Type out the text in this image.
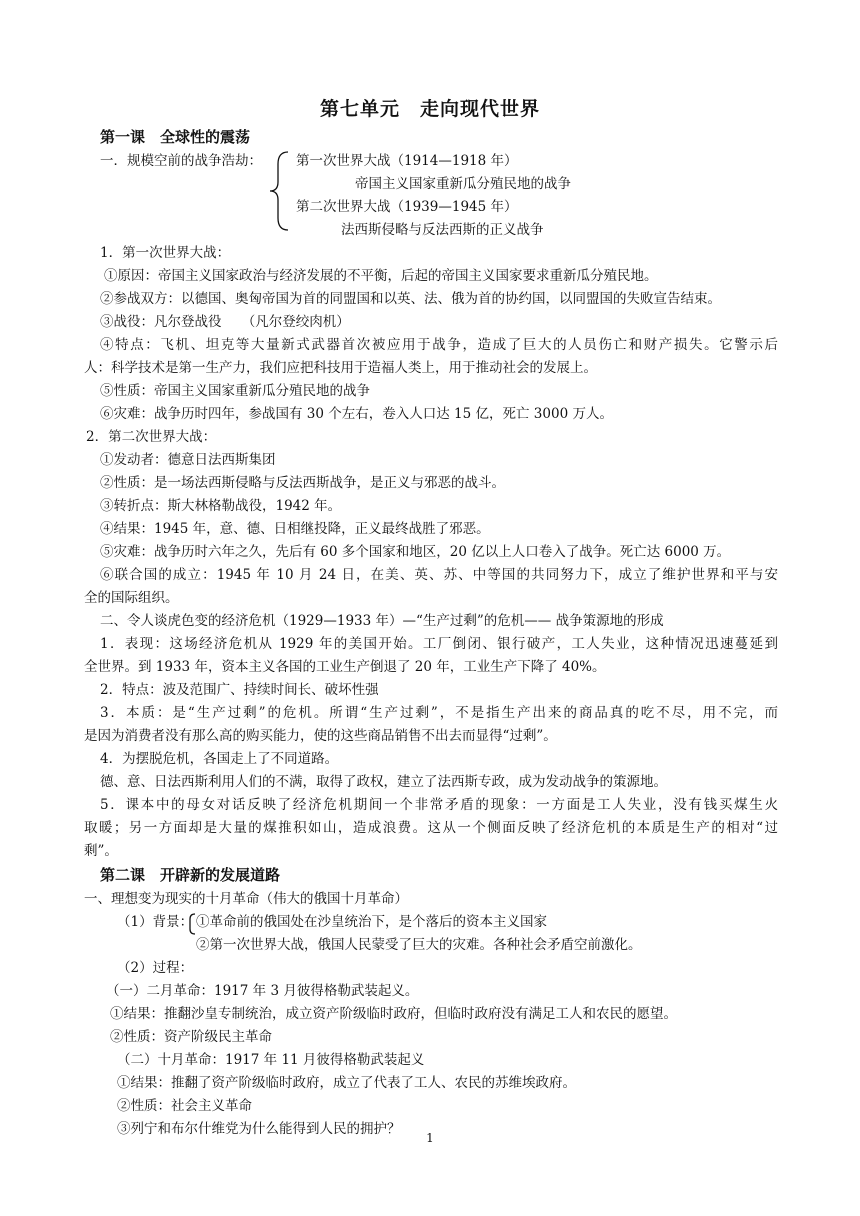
第七单元　走向现代世界
第一课　全球性的震荡
一．规模空前的战争浩劫：	第一次世界大战（1914—1918 年）
帝国主义国家重新瓜分殖民地的战争
第二次世界大战（1939—1945 年）
法西斯侵略与反法西斯的正义战争
1．第一次世界大战：
①原因：帝国主义国家政治与经济发展的不平衡，后起的帝国主义国家要求重新瓜分殖民地。
②参战双方：以德国、奥匈帝国为首的同盟国和以英、法、俄为首的协约国，以同盟国的失败宣告结束。
③战役：凡尔登战役　　（凡尔登绞肉机）
④特点：飞机、坦克等大量新式武器首次被应用于战争，造成了巨大的人员伤亡和财产损失。它警示后
人：科学技术是第一生产力，我们应把科技用于造福人类上，用于推动社会的发展上。
⑤性质：帝国主义国家重新瓜分殖民地的战争
⑥灾难：战争历时四年，参战国有 30 个左右，卷入人口达 15 亿，死亡 3000 万人。
2．第二次世界大战：
①发动者：德意日法西斯集团
②性质：是一场法西斯侵略与反法西斯战争，是正义与邪恶的战斗。
③转折点：斯大林格勒战役，1942 年。
④结果：1945 年，意、德、日相继投降，正义最终战胜了邪恶。
⑤灾难：战争历时六年之久，先后有 60 多个国家和地区，20 亿以上人口卷入了战争。死亡达 6000 万。
⑥联合国的成立：1945 年 10 月 24 日，在美、英、苏、中等国的共同努力下，成立了维护世界和平与安
全的国际组织。
二、令人谈虎色变的经济危机（1929—1933 年）—“生产过剩”的危机—— 战争策源地的形成
1．表现：这场经济危机从 1929 年的美国开始。工厂倒闭、银行破产，工人失业，这种情况迅速蔓延到
全世界。到 1933 年，资本主义各国的工业生产倒退了 20 年，工业生产下降了 40%。
2．特点：波及范围广、持续时间长、破坏性强
3．本质：是“生产过剩”的危机。所谓“生产过剩”，不是指生产出来的商品真的吃不尽，用不完，而
是因为消费者没有那么高的购买能力，使的这些商品销售不出去而显得“过剩”。
4．为摆脱危机，各国走上了不同道路。
德、意、日法西斯利用人们的不满，取得了政权，建立了法西斯专政，成为发动战争的策源地。
5．课本中的母女对话反映了经济危机期间一个非常矛盾的现象：一方面是工人失业，没有钱买煤生火
取暖；另一方面却是大量的煤推积如山，造成浪费。这从一个侧面反映了经济危机的本质是生产的相对“过
剩”。
第二课　开辟新的发展道路
一、理想变为现实的十月革命（伟大的俄国十月革命）
（1）背景： ①革命前的俄国处在沙皇统治下，是个落后的资本主义国家
②第一次世界大战，俄国人民蒙受了巨大的灾难。各种社会矛盾空前激化。
（2）过程：
（一）二月革命：1917 年 3 月彼得格勒武装起义。
①结果：推翻沙皇专制统治，成立资产阶级临时政府，但临时政府没有满足工人和农民的愿望。
②性质：资产阶级民主革命
（二）十月革命：1917 年 11 月彼得格勒武装起义
①结果：推翻了资产阶级临时政府，成立了代表了工人、农民的苏维埃政府。
②性质：社会主义革命
③列宁和布尔什维党为什么能得到人民的拥护？
1
